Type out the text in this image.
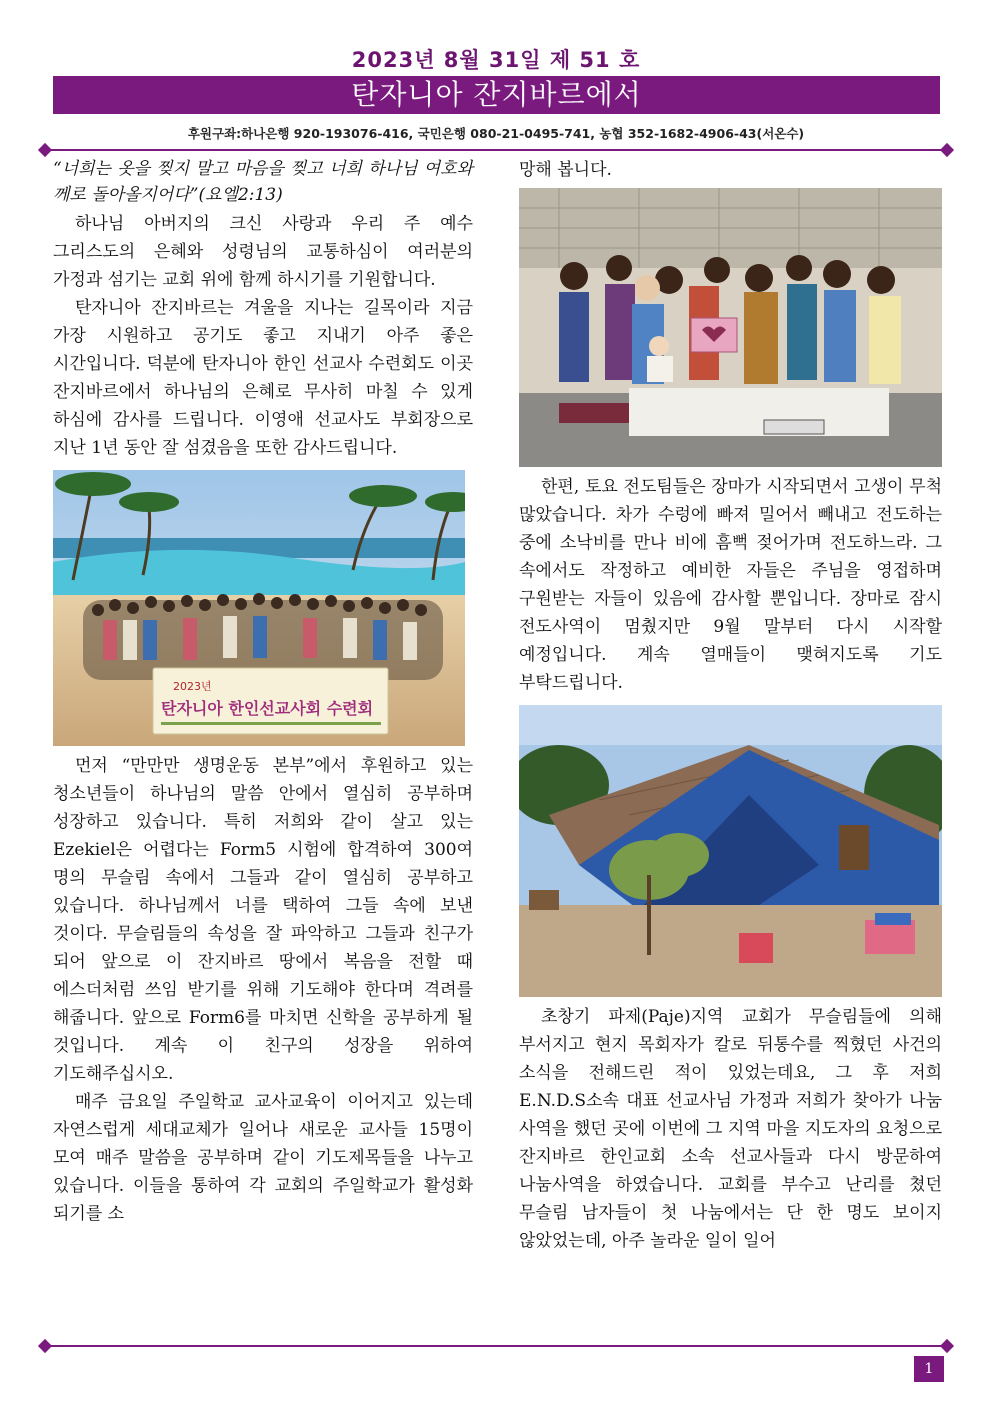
2023년 8월 31일 제 51 호
탄자니아 잔지바르에서
후원구좌:하나은행 920-193076-416, 국민은행 080-21-0495-741, 농협 352-1682-4906-43(서온수)

“너희는 옷을 찢지 말고 마음을 찢고 너희 하나님 여호와께로 돌아올지어다”(요엘2:13)

하나님 아버지의 크신 사랑과 우리 주 예수 그리스도의 은혜와 성령님의 교통하심이 여러분의 가정과 섬기는 교회 위에 함께 하시기를 기원합니다.

탄자니아 잔지바르는 겨울을 지나는 길목이라 지금 가장 시원하고 공기도 좋고 지내기 아주 좋은 시간입니다. 덕분에 탄자니아 한인 선교사 수련회도 이곳 잔지바르에서 하나님의 은혜로 무사히 마칠 수 있게 하심에 감사를 드립니다. 이영애 선교사도 부회장으로 지난 1년 동안 잘 섬겼음을 또한 감사드립니다.

2023년
탄자니아 한인선교사회 수련회

먼저 “만만만 생명운동 본부”에서 후원하고 있는 청소년들이 하나님의 말씀 안에서 열심히 공부하며 성장하고 있습니다. 특히 저희와 같이 살고 있는 Ezekiel은 어렵다는 Form5 시험에 합격하여 300여 명의 무슬림 속에서 그들과 같이 열심히 공부하고 있습니다. 하나님께서 너를 택하여 그들 속에 보낸 것이다. 무슬림들의 속성을 잘 파악하고 그들과 친구가 되어 앞으로 이 잔지바르 땅에서 복음을 전할 때 에스더처럼 쓰임 받기를 위해 기도해야 한다며 격려를 해줍니다. 앞으로 Form6를 마치면 신학을 공부하게 될 것입니다. 계속 이 친구의 성장을 위하여 기도해주십시오.

매주 금요일 주일학교 교사교육이 이어지고 있는데 자연스럽게 세대교체가 일어나 새로운 교사들 15명이 모여 매주 말씀을 공부하며 같이 기도제목들을 나누고 있습니다. 이들을 통하여 각 교회의 주일학교가 활성화 되기를 소

망해 봅니다.

한편, 토요 전도팀들은 장마가 시작되면서 고생이 무척 많았습니다. 차가 수렁에 빠져 밀어서 빼내고 전도하는 중에 소낙비를 만나 비에 흠뻑 젖어가며 전도하느라. 그 속에서도 작정하고 예비한 자들은 주님을 영접하며 구원받는 자들이 있음에 감사할 뿐입니다. 장마로 잠시 전도사역이 멈췄지만 9월 말부터 다시 시작할 예정입니다. 계속 열매들이 맺혀지도록 기도 부탁드립니다.

초창기 파제(Paje)지역 교회가 무슬림들에 의해 부서지고 현지 목회자가 칼로 뒤통수를 찍혔던 사건의 소식을 전해드린 적이 있었는데요, 그 후 저희 E.N.D.S소속 대표 선교사님 가정과 저희가 찾아가 나눔 사역을 했던 곳에 이번에 그 지역 마을 지도자의 요청으로 잔지바르 한인교회 소속 선교사들과 다시 방문하여 나눔사역을 하였습니다. 교회를 부수고 난리를 쳤던 무슬림 남자들이 첫 나눔에서는 단 한 명도 보이지 않았었는데, 아주 놀라운 일이 일어

1
